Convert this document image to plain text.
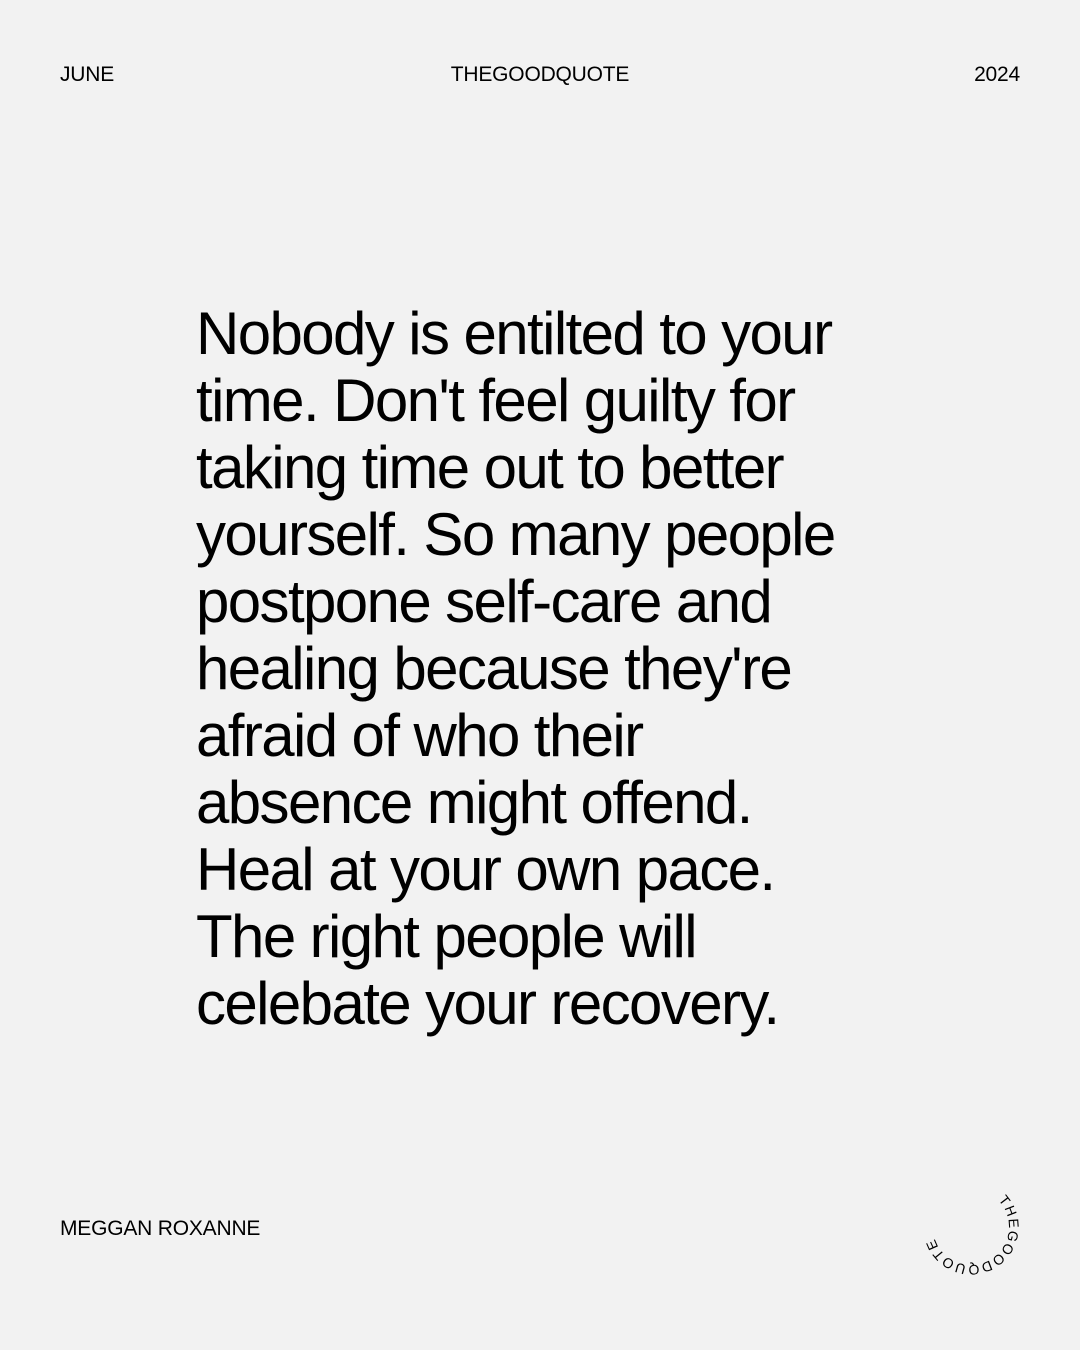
JUNE	THEGOODQUOTE	2024

Nobody is entilted to your
time. Don't feel guilty for
taking time out to better
yourself. So many people
postpone self-care and
healing because they're
afraid of who their
absence might offend.
Heal at your own pace.
The right people will
celebate your recovery.

MEGGAN ROXANNE
THEGOODQUOTE
